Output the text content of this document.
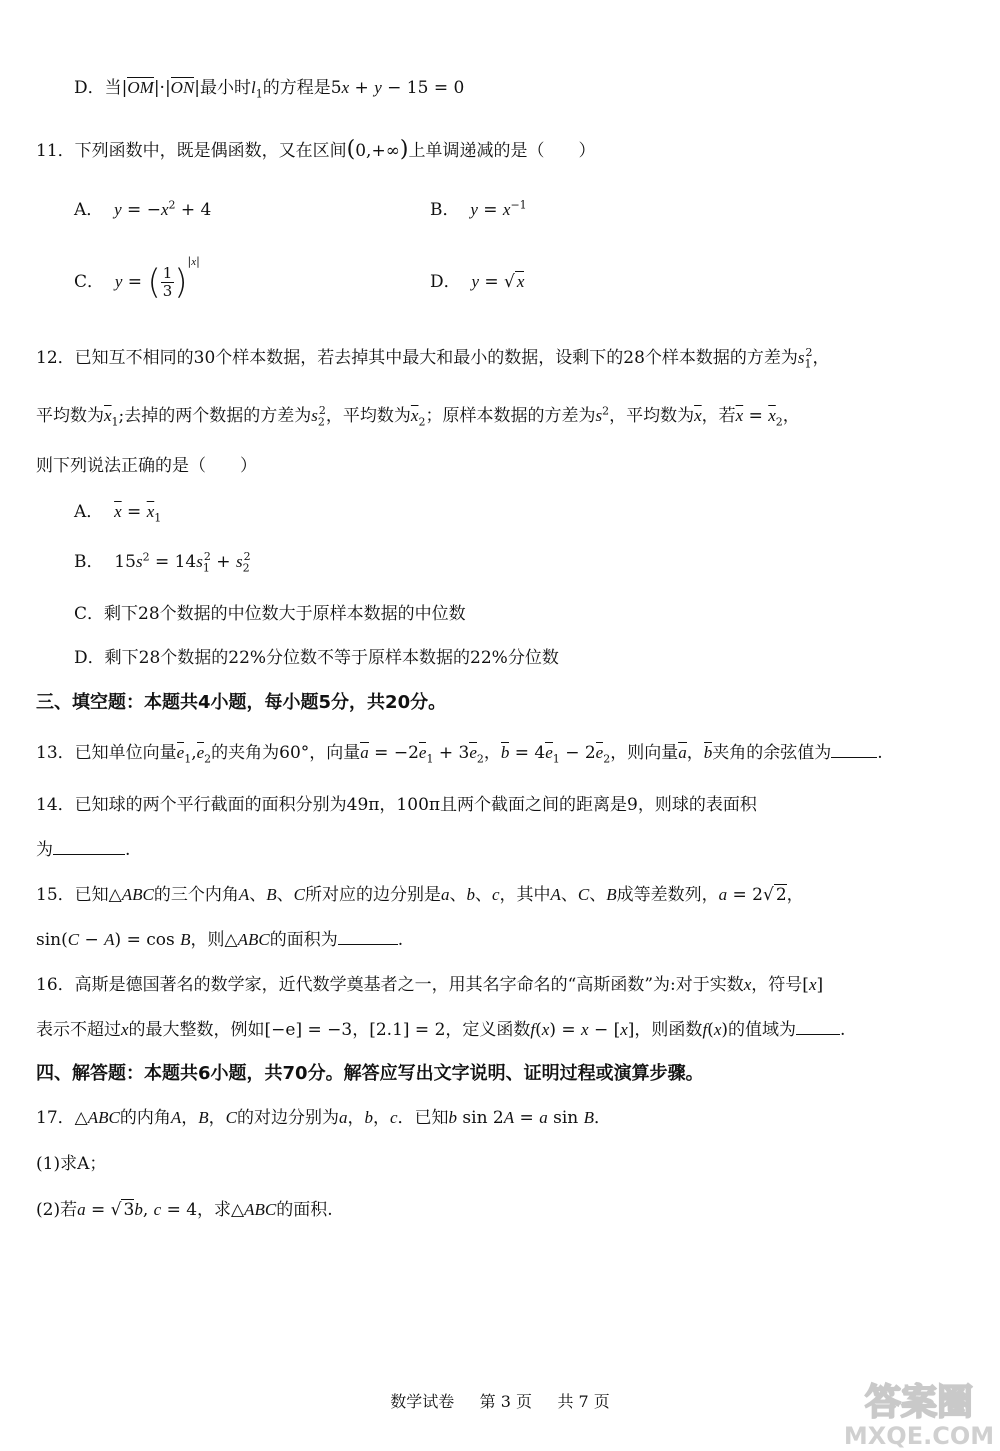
D．当|OM|·|ON|最小时$l_1$的方程是5x + y − 15 = 0
11．下列函数中，既是偶函数，又在区间(0,+∞)上单调递减的是（　　）
A．  $y = -x^2 + 4$	B．  $y = x^{-1}$
C．  y = ( $\frac{1}{3} )^{|x|}$
D．  y = √ x
12．已知互不相同的30个样本数据，若去掉其中最大和最小的数据，设剩下的28个样本数据的方差为$s_1^2$，
平均数为$\overline{x}_1$;去掉的两个数据的方差为$s_2^2$，平均数为$\overline{x}_2$；原样本数据的方差为$s^2$，平均数为$\overline{x}$，若$\overline{x} = \overline{x}_2$，
则下列说法正确的是（　　）
A．  $\overline{x} = \overline{x}_1$
B．  $15s^2 = 14s_1^2 + s_2^2$
C．剩下28个数据的中位数大于原样本数据的中位数
D．剩下28个数据的22%分位数不等于原样本数据的22%分位数
三、填空题：本题共4小题，每小题5分，共20分。
13．已知单位向量$e_1,e_2$的夹角为60°，向量$a = -2e_1 + 3e_2$，$b = 4e_1 - 2e_2$，则向量a，b夹角的余弦值为	.
14．已知球的两个平行截面的面积分别为49π，100π且两个截面之间的距离是9，则球的表面积
为	.
15．已知△ABC的三个内角A、B、C所对应的边分别是a、b、c，其中A、C、B成等差数列，a = 2√ 2，
sin(C − A) = cos B，则△ABC的面积为	.
16．高斯是德国著名的数学家，近代数学奠基者之一，用其名字命名的“高斯函数”为:对于实数x，符号[x]
表示不超过x的最大整数，例如[−e] = −3，[2.1] = 2，定义函数f(x) = x − [x]，则函数f(x)的值域为	.
四、解答题：本题共6小题，共70分。解答应写出文字说明、证明过程或演算步骤。
17．△ABC的内角A，B，C的对边分别为a，b，c．已知b sin 2A = a sin B．
(1)求A；
(2)若a = √ 3b, c = 4，求△ABC的面积.
数学试卷 第 3 页 共 7 页	答案圈
MXQE.COM
